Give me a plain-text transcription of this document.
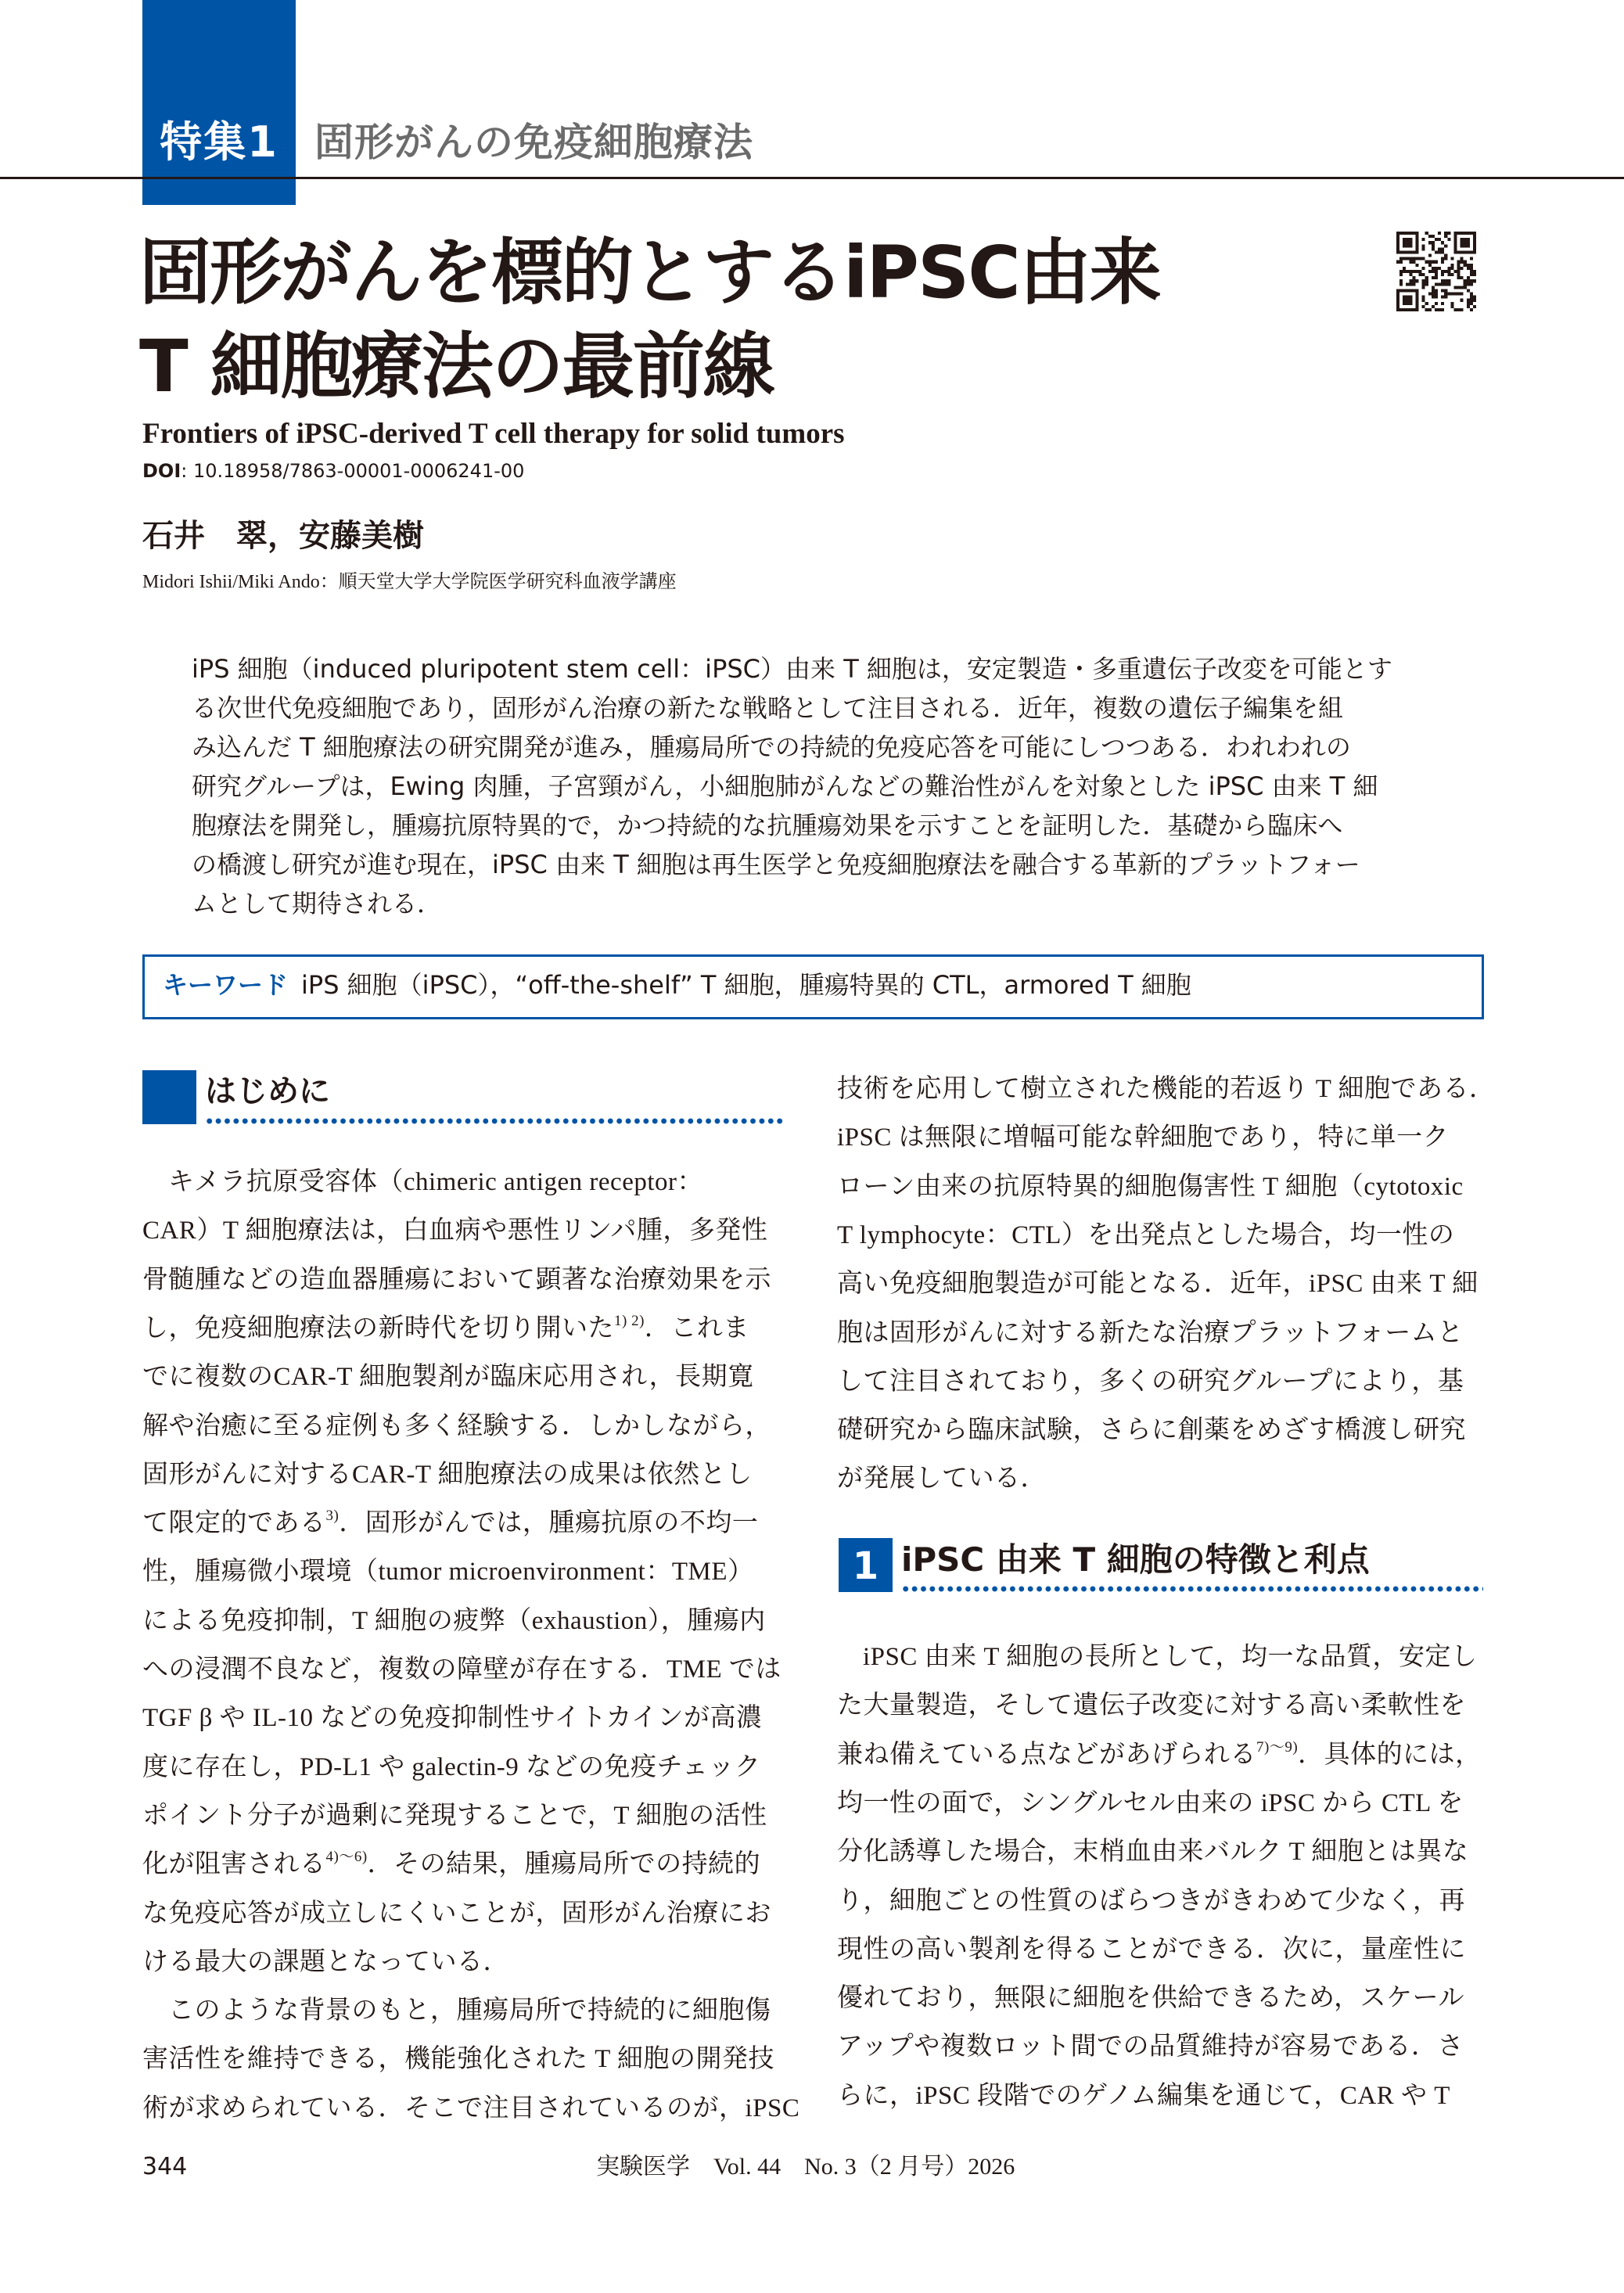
特集1 固形がんの免疫細胞療法
固形がんを標的とするiPSC由来
T 細胞療法の最前線
Frontiers of iPSC-derived T cell therapy for solid tumors
DOI: 10.18958/7863-00001-0006241-00
石井　翠，安藤美樹
Midori Ishii/Miki Ando：順天堂大学大学院医学研究科血液学講座
iPS 細胞（induced pluripotent stem cell：iPSC）由来 T 細胞は，安定製造・多重遺伝子改変を可能とす
る次世代免疫細胞であり，固形がん治療の新たな戦略として注目される．近年，複数の遺伝子編集を組
み込んだ T 細胞療法の研究開発が進み，腫瘍局所での持続的免疫応答を可能にしつつある．われわれの
研究グループは，Ewing 肉腫，子宮頸がん，小細胞肺がんなどの難治性がんを対象とした iPSC 由来 T 細
胞療法を開発し，腫瘍抗原特異的で，かつ持続的な抗腫瘍効果を示すことを証明した．基礎から臨床へ
の橋渡し研究が進む現在，iPSC 由来 T 細胞は再生医学と免疫細胞療法を融合する革新的プラットフォー
ムとして期待される．
キーワード iPS 細胞（iPSC），“off-the-shelf” T 細胞，腫瘍特異的 CTL，armored T 細胞
はじめに
1 iPSC 由来 T 細胞の特徴と利点
キメラ抗原受容体（chimeric antigen receptor：
CAR）T 細胞療法は，白血病や悪性リンパ腫，多発性
骨髄腫などの造血器腫瘍において顕著な治療効果を示
し，免疫細胞療法の新時代を切り開いた$^{1) 2)}$．これま
でに複数のCAR-T 細胞製剤が臨床応用され，長期寛
解や治癒に至る症例も多く経験する．しかしながら，
固形がんに対するCAR-T 細胞療法の成果は依然とし
て限定的である$^{3)}$．固形がんでは，腫瘍抗原の不均一
性，腫瘍微小環境（tumor microenvironment：TME）
による免疫抑制，T 細胞の疲弊（exhaustion），腫瘍内
への浸潤不良など，複数の障壁が存在する．TME では
TGF β や IL-10 などの免疫抑制性サイトカインが高濃
度に存在し，PD-L1 や galectin-9 などの免疫チェック
ポイント分子が過剰に発現することで，T 細胞の活性
化が阻害される$^{4)〜6)}$．その結果，腫瘍局所での持続的
な免疫応答が成立しにくいことが，固形がん治療にお
ける最大の課題となっている．
このような背景のもと，腫瘍局所で持続的に細胞傷
害活性を維持できる，機能強化された T 細胞の開発技
術が求められている．そこで注目されているのが，iPSC
技術を応用して樹立された機能的若返り T 細胞である．
iPSC は無限に増幅可能な幹細胞であり，特に単一ク
ローン由来の抗原特異的細胞傷害性 T 細胞（cytotoxic
T lymphocyte：CTL）を出発点とした場合，均一性の
高い免疫細胞製造が可能となる．近年，iPSC 由来 T 細
胞は固形がんに対する新たな治療プラットフォームと
して注目されており，多くの研究グループにより，基
礎研究から臨床試験，さらに創薬をめざす橋渡し研究
が発展している．
iPSC 由来 T 細胞の長所として，均一な品質，安定し
た大量製造，そして遺伝子改変に対する高い柔軟性を
兼ね備えている点などがあげられる$^{7)〜9)}$．具体的には，
均一性の面で，シングルセル由来の iPSC から CTL を
分化誘導した場合，末梢血由来バルク T 細胞とは異な
り，細胞ごとの性質のばらつきがきわめて少なく，再
現性の高い製剤を得ることができる．次に，量産性に
優れており，無限に細胞を供給できるため，スケール
アップや複数ロット間での品質維持が容易である．さ
らに，iPSC 段階でのゲノム編集を通じて，CAR や T
344	実験医学　Vol. 44　No. 3（2 月号）2026
